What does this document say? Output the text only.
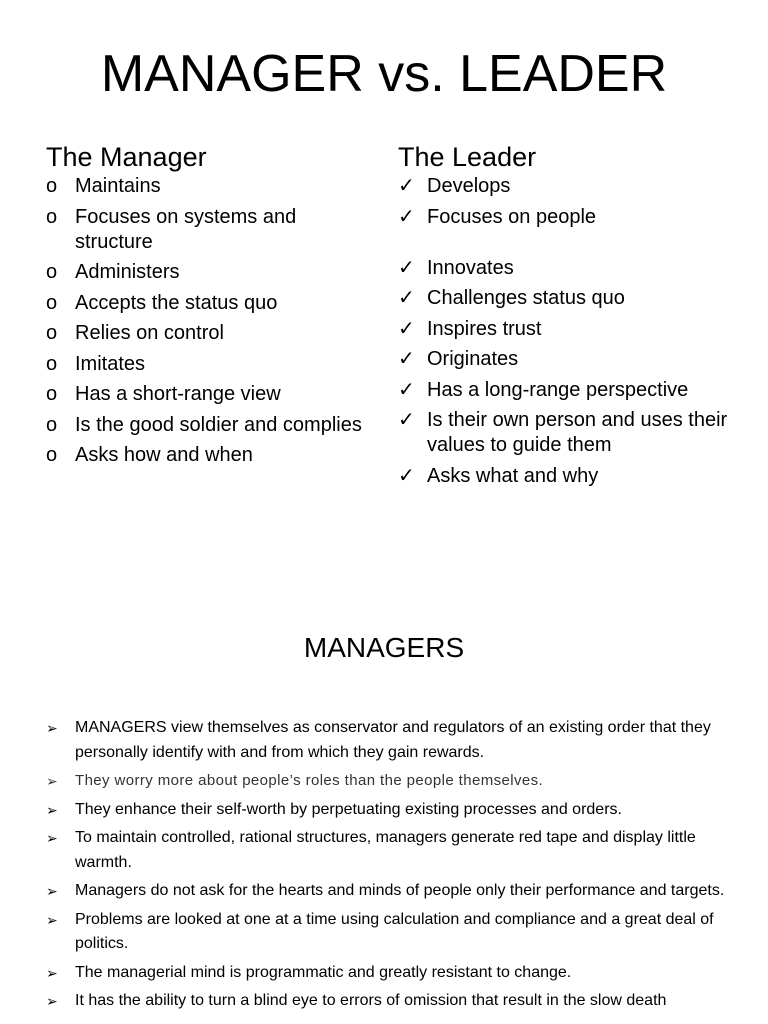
MANAGER vs. LEADER
The Manager
o Maintains
o Focuses on systems and structure
o Administers
o Accepts the status quo
o Relies on control
o Imitates
o Has a short-range view
o Is the good soldier and complies
o Asks how and when
The Leader
✓ Develops
✓ Focuses on people
✓ Innovates
✓ Challenges status quo
✓ Inspires trust
✓ Originates
✓ Has a long-range perspective
✓ Is their own person and uses their values to guide them
✓ Asks what and why
MANAGERS
➢ MANAGERS view themselves as conservator and regulators of an existing order that they personally identify with and from which they gain rewards.
➢ They worry more about people’s roles than the people themselves.
➢ They enhance their self-worth by perpetuating existing processes and orders.
➢ To maintain controlled, rational structures, managers generate red tape and display little warmth.
➢ Managers do not ask for the hearts and minds of people only their performance and targets.
➢ Problems are looked at one at a time using calculation and compliance and a great deal of politics.
➢ The managerial mind is programmatic and greatly resistant to change.
➢ It has the ability to turn a blind eye to errors of omission that result in the slow death
